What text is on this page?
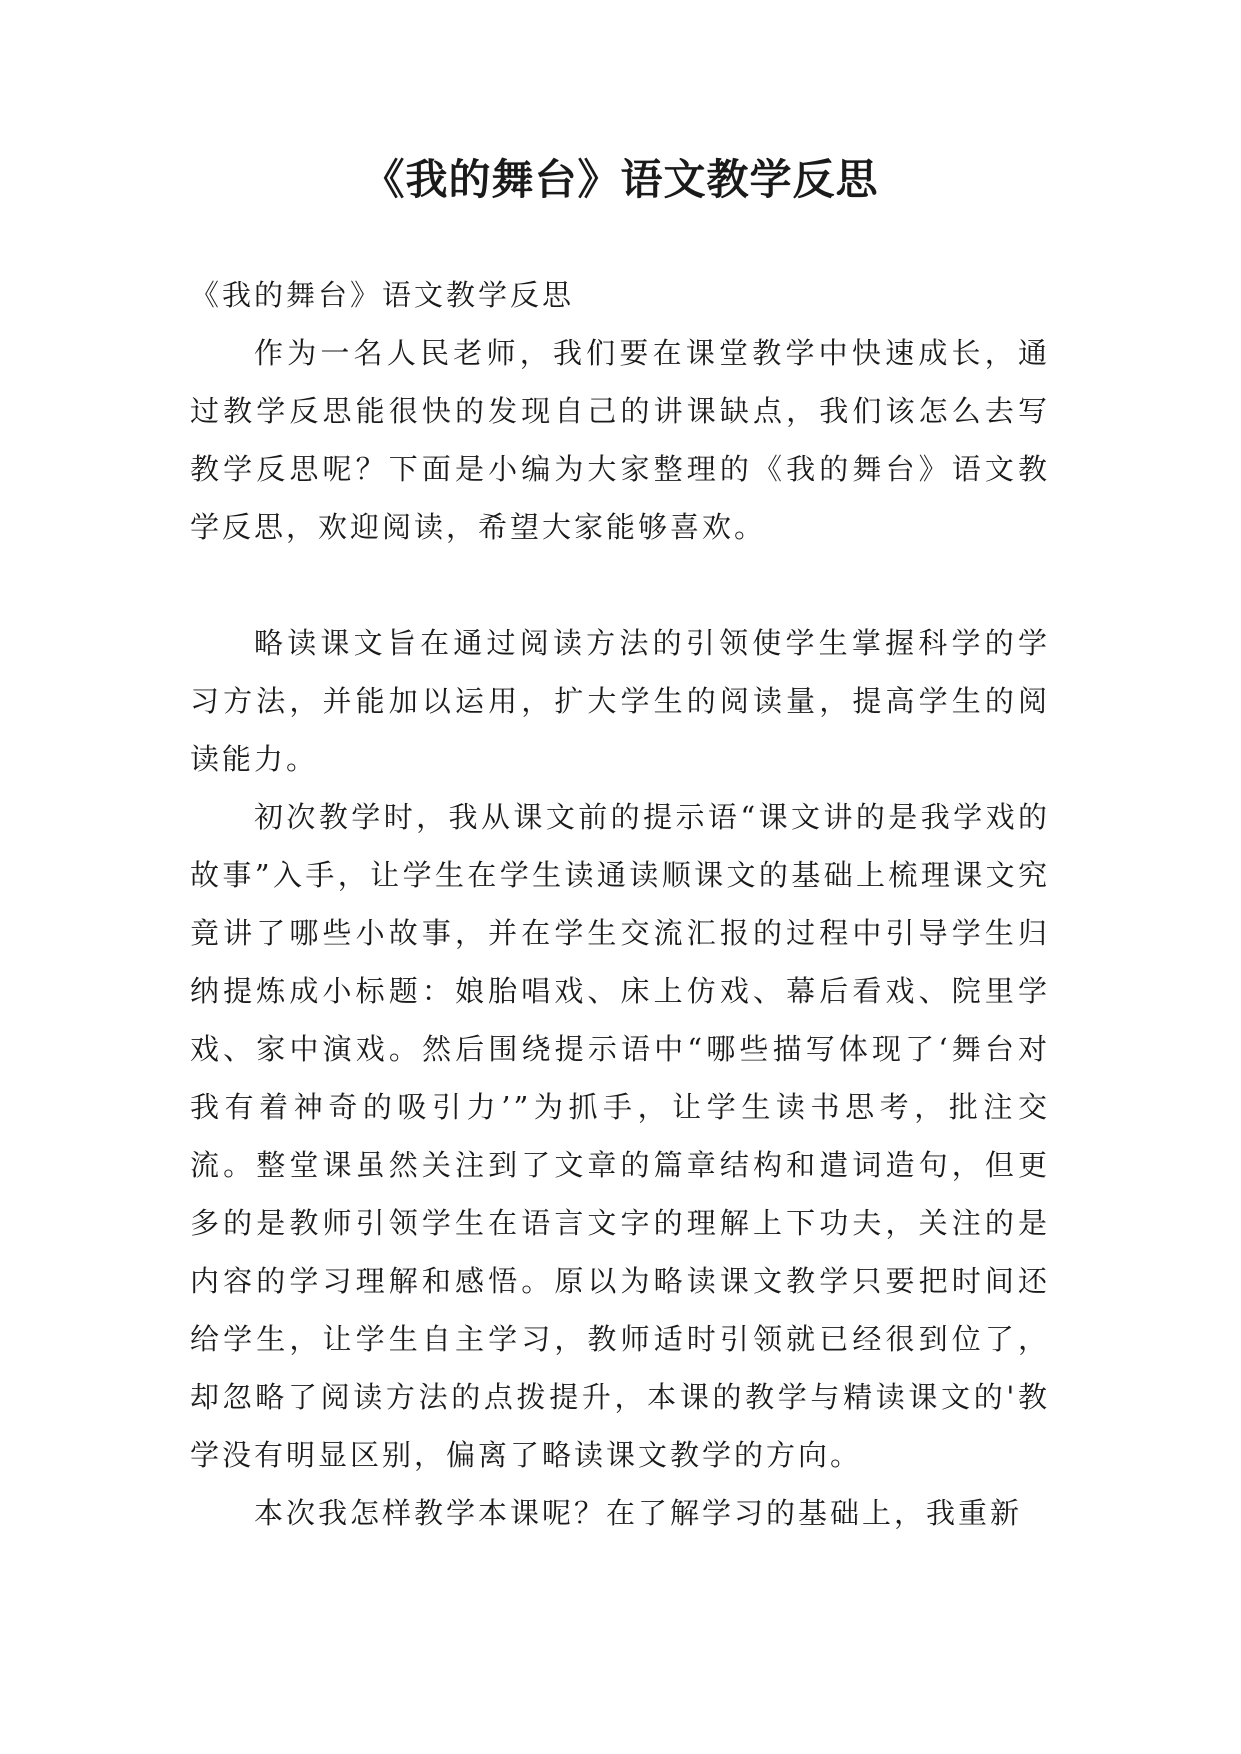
《我的舞台》语文教学反思

《我的舞台》语文教学反思

作为一名人民老师，我们要在课堂教学中快速成长，通过教学反思能很快的发现自己的讲课缺点，我们该怎么去写教学反思呢？下面是小编为大家整理的《我的舞台》语文教学反思，欢迎阅读，希望大家能够喜欢。

略读课文旨在通过阅读方法的引领使学生掌握科学的学习方法，并能加以运用，扩大学生的阅读量，提高学生的阅读能力。

初次教学时，我从课文前的提示语“课文讲的是我学戏的故事”入手，让学生在学生读通读顺课文的基础上梳理课文究竟讲了哪些小故事，并在学生交流汇报的过程中引导学生归纳提炼成小标题：娘胎唱戏、床上仿戏、幕后看戏、院里学戏、家中演戏。然后围绕提示语中“哪些描写体现了‘舞台对我有着神奇的吸引力’”为抓手，让学生读书思考，批注交流。整堂课虽然关注到了文章的篇章结构和遣词造句，但更多的是教师引领学生在语言文字的理解上下功夫，关注的是内容的学习理解和感悟。原以为略读课文教学只要把时间还给学生，让学生自主学习，教师适时引领就已经很到位了，却忽略了阅读方法的点拨提升，本课的教学与精读课文的'教学没有明显区别，偏离了略读课文教学的方向。

本次我怎样教学本课呢？在了解学习的基础上，我重新
